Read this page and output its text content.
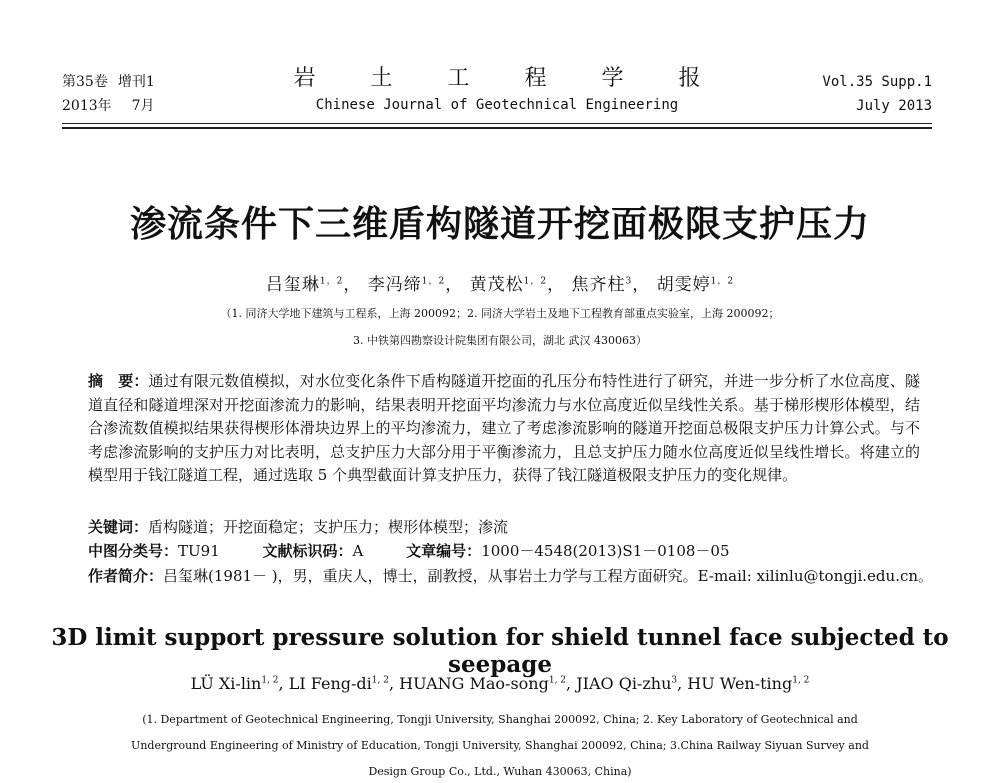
第35卷 增刊1
2013年 7月
岩 土 工 程 学 报
Chinese Journal of Geotechnical Engineering
Vol.35 Supp.1
July 2013
渗流条件下三维盾构隧道开挖面极限支护压力
吕玺琳$^{1,2}$， 李冯缔$^{1,2}$， 黄茂松$^{1,2}$， 焦齐柱$^3$， 胡雯婷$^{1,2}$
（1. 同济大学地下建筑与工程系，上海 200092；2. 同济大学岩土及地下工程教育部重点实验室，上海 200092；
3. 中铁第四勘察设计院集团有限公司，湖北 武汉 430063）
摘　要：通过有限元数值模拟，对水位变化条件下盾构隧道开挖面的孔压分布特性进行了研究，并进一步分析了水位高度、隧道直径和隧道埋深对开挖面渗流力的影响，结果表明开挖面平均渗流力与水位高度近似呈线性关系。基于梯形楔形体模型，结合渗流数值模拟结果获得楔形体滑块边界上的平均渗流力，建立了考虑渗流影响的隧道开挖面总极限支护压力计算公式。与不考虑渗流影响的支护压力对比表明，总支护压力大部分用于平衡渗流力，且总支护压力随水位高度近似呈线性增长。将建立的模型用于钱江隧道工程，通过选取 5 个典型截面计算支护压力，获得了钱江隧道极限支护压力的变化规律。
关键词：盾构隧道；开挖面稳定；支护压力；楔形体模型；渗流
中图分类号：TU91	文献标识码：A	文章编号：1000－4548(2013)S1－0108－05
作者简介：吕玺琳(1981－ )，男，重庆人，博士，副教授，从事岩土力学与工程方面研究。E-mail: xilinlu@tongji.edu.cn。
3D limit support pressure solution for shield tunnel face subjected to seepage
LÜ Xi-lin$^{1, 2}$, LI Feng-di$^{1, 2}$, HUANG Mao-song$^{1, 2}$, JIAO Qi-zhu$^3$, HU Wen-ting$^{1, 2}$
(1. Department of Geotechnical Engineering, Tongji University, Shanghai 200092, China; 2. Key Laboratory of Geotechnical and
Underground Engineering of Ministry of Education, Tongji University, Shanghai 200092, China; 3.China Railway Siyuan Survey and
Design Group Co., Ltd., Wuhan 430063, China)
